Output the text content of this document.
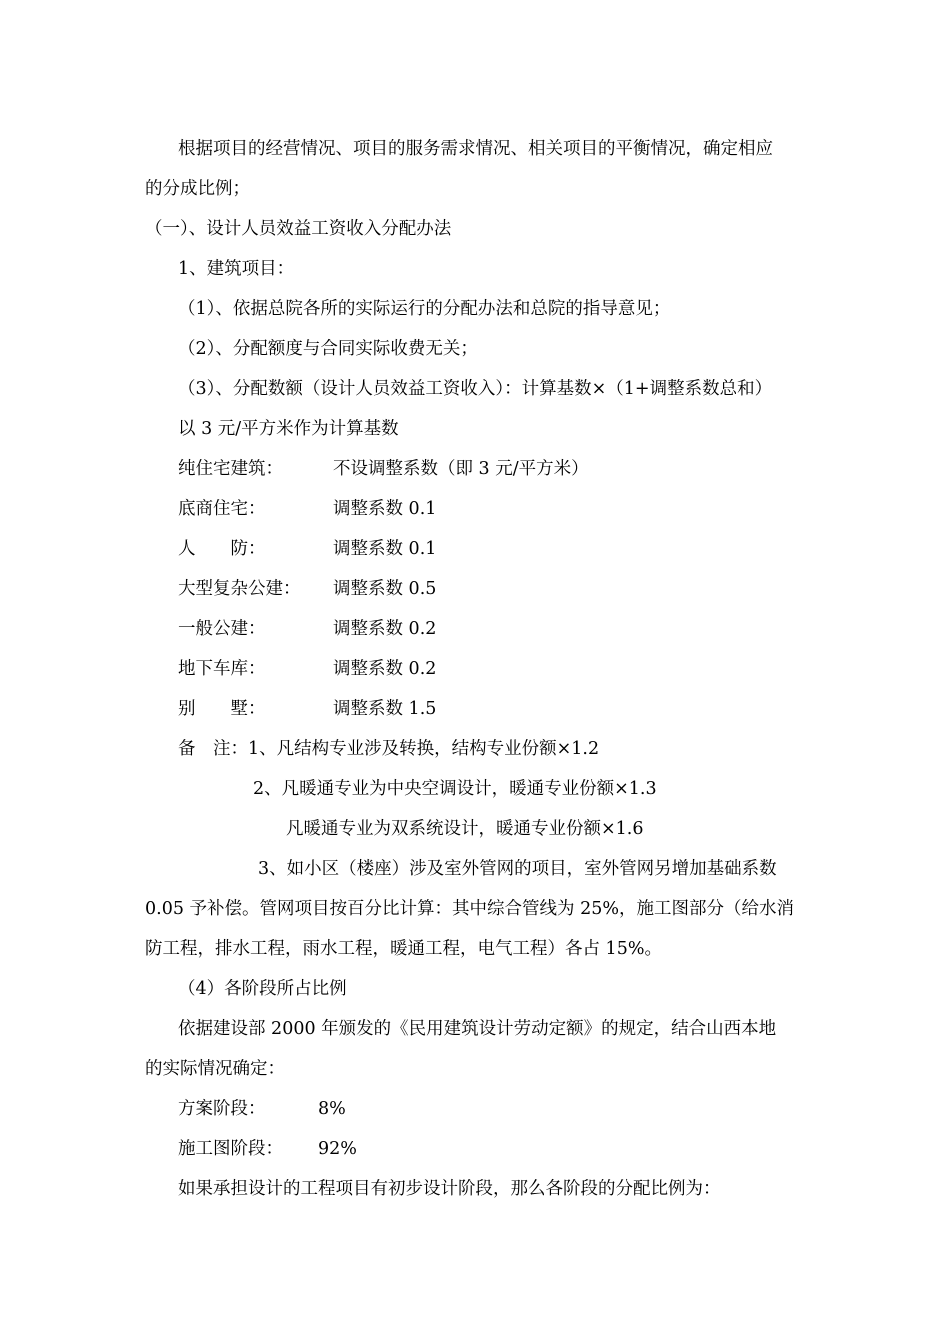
根据项目的经营情况、项目的服务需求情况、相关项目的平衡情况，确定相应
的分成比例；
（一）、设计人员效益工资收入分配办法
1、建筑项目：
（1）、依据总院各所的实际运行的分配办法和总院的指导意见；
（2）、分配额度与合同实际收费无关；
（3）、分配数额（设计人员效益工资收入）：计算基数×（1+调整系数总和）
以 3 元/平方米作为计算基数
纯住宅建筑：	不设调整系数（即 3 元/平方米）
底商住宅：	调整系数 0.1
人　　防：	调整系数 0.1
大型复杂公建： 调整系数 0.5
一般公建：	调整系数 0.2
地下车库：	调整系数 0.2
别　　墅：	调整系数 1.5
备　注：1、凡结构专业涉及转换，结构专业份额×1.2
2、凡暖通专业为中央空调设计，暖通专业份额×1.3
凡暖通专业为双系统设计，暖通专业份额×1.6
3、如小区（楼座）涉及室外管网的项目，室外管网另增加基础系数
0.05 予补偿。管网项目按百分比计算：其中综合管线为 25%，施工图部分（给水消
防工程，排水工程，雨水工程，暖通工程，电气工程）各占 15%。
（4）各阶段所占比例
依据建设部 2000 年颁发的《民用建筑设计劳动定额》的规定，结合山西本地
的实际情况确定：
方案阶段：	8%
施工图阶段： 92%
如果承担设计的工程项目有初步设计阶段，那么各阶段的分配比例为：
